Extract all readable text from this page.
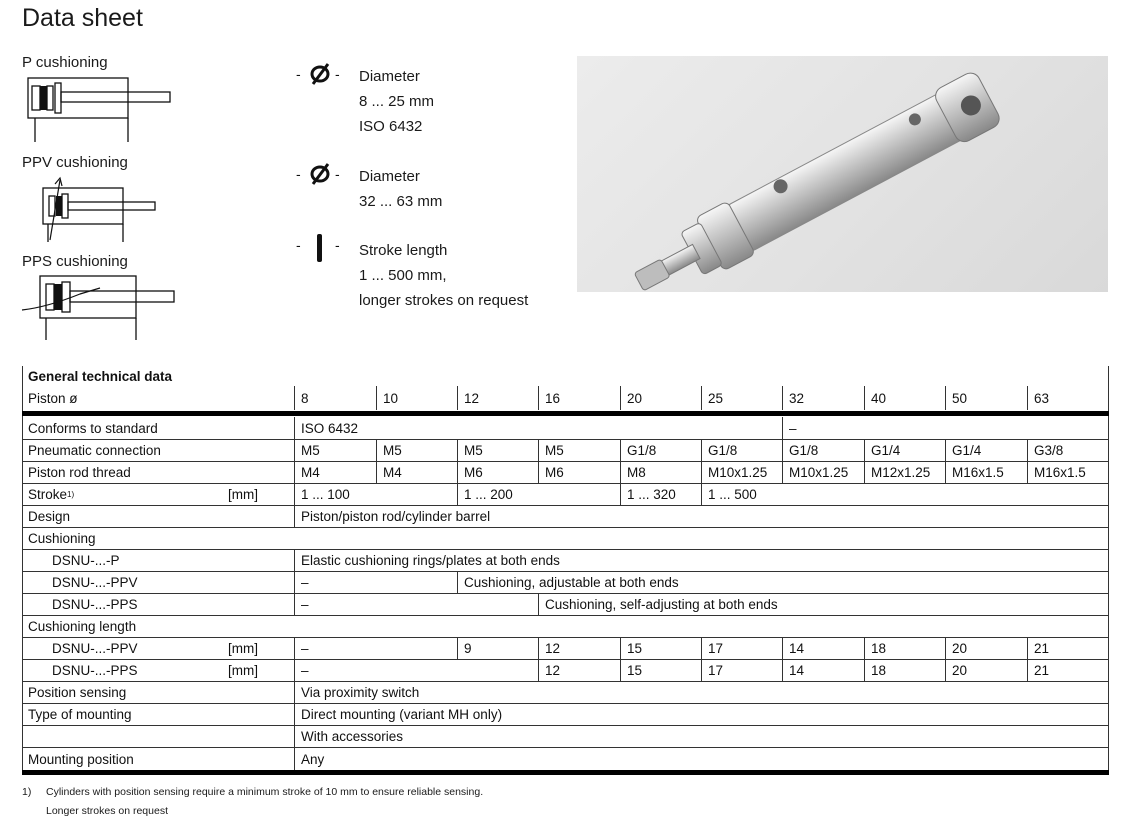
Data sheet
P cushioning
PPV cushioning
PPS cushioning
- -
- -
- -
Diameter
8 ... 25 mm
ISO 6432
Diameter
32 ... 63 mm
Stroke length
1 ... 500 mm,
longer strokes on request
General technical data
Piston ø	8	10	12	16	20	25	32	40	50	63
Conforms to standard	ISO 6432	–
Pneumatic connection	M5	M5	M5	M5	G1/8	G1/8	G1/8	G1/4	G1/4	G3/8
Piston rod thread	M4	M4	M6	M6	M8	M10x1.25	M10x1.25	M12x1.25	M16x1.5	M16x1.5
Stroke 1)	[mm]	1 ... 100	1 ... 200	1 ... 320	1 ... 500
Design	Piston/piston rod/cylinder barrel
Cushioning
DSNU-...-P	Elastic cushioning rings/plates at both ends
DSNU-...-PPV	–	Cushioning, adjustable at both ends
DSNU-...-PPS	–	Cushioning, self-adjusting at both ends
Cushioning length
DSNU-...-PPV	[mm]	–	9	12	15	17	14	18	20	21
DSNU-...-PPS	[mm]	–	12	15	17	14	18	20	21
Position sensing	Via proximity switch
Type of mounting	Direct mounting (variant MH only)
With accessories
Mounting position	Any
1) Cylinders with position sensing require a minimum stroke of 10 mm to ensure reliable sensing.
Longer strokes on request
